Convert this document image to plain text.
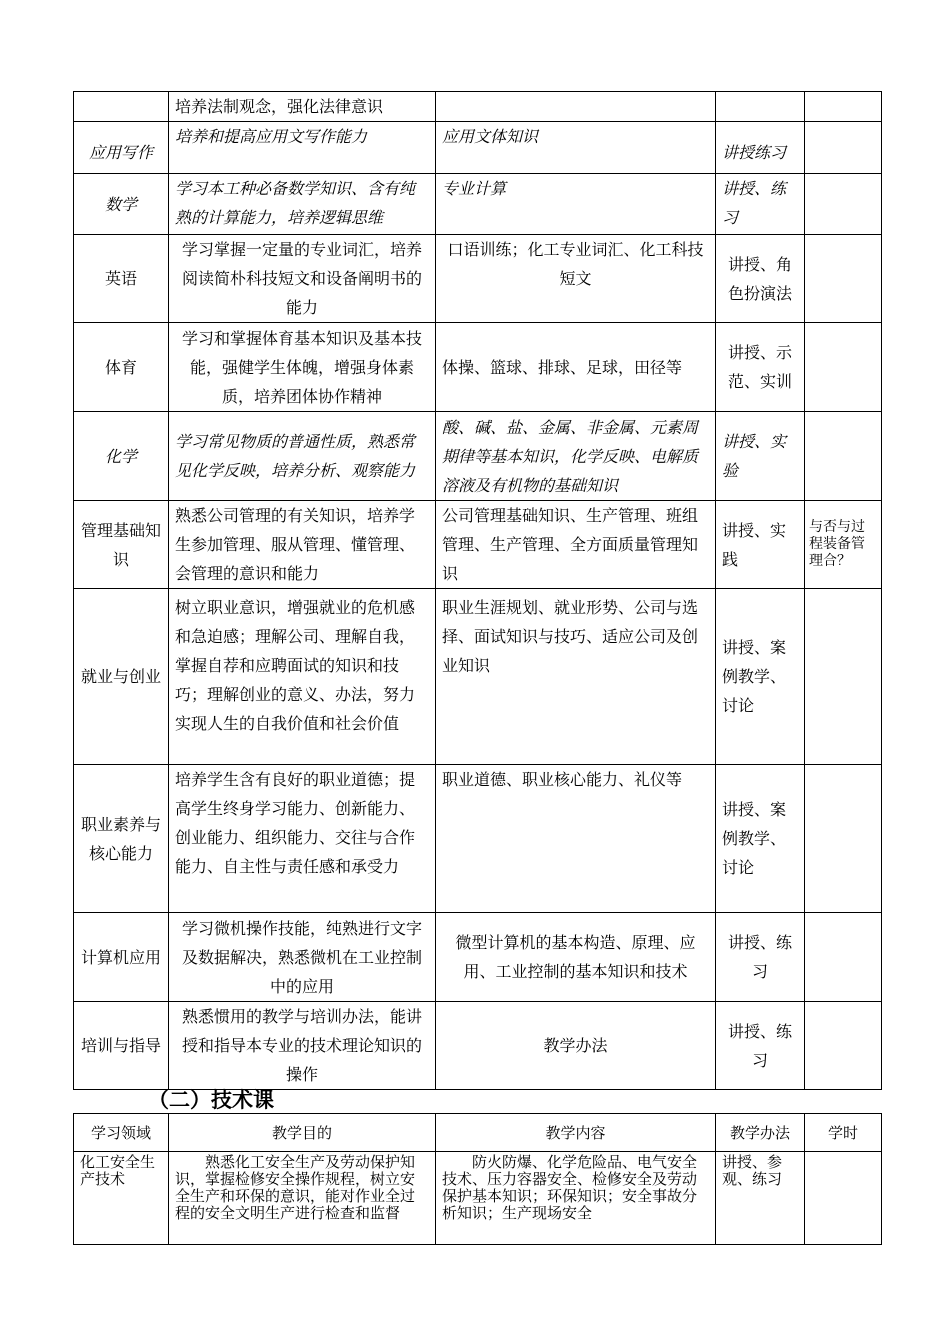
	培养法制观念，强化法律意识			
应用写作	培养和提高应用文写作能力	应用文体知识	讲授练习	
数学	学习本工种必备数学知识、含有纯熟的计算能力，培养逻辑思维	专业计算	讲授、练习	
英语	学习掌握一定量的专业词汇，培养阅读简朴科技短文和设备阐明书的能力	口语训练；化工专业词汇、化工科技短文	讲授、角色扮演法	
体育	学习和掌握体育基本知识及基本技能，强健学生体魄，增强身体素质，培养团体协作精神	体操、篮球、排球、足球，田径等	讲授、示范、实训	
化学	学习常见物质的普通性质，熟悉常见化学反映，培养分析、观察能力	酸、碱、盐、金属、非金属、元素周期律等基本知识，化学反映、电解质溶液及有机物的基础知识	讲授、实验	
管理基础知识	熟悉公司管理的有关知识，培养学生参加管理、服从管理、懂管理、会管理的意识和能力	公司管理基础知识、生产管理、班组管理、生产管理、全方面质量管理知识	讲授、实践	与否与过程装备管理合？
就业与创业	树立职业意识，增强就业的危机感和急迫感；理解公司、理解自我，掌握自荐和应聘面试的知识和技巧；理解创业的意义、办法，努力实现人生的自我价值和社会价值	职业生涯规划、就业形势、公司与选择、面试知识与技巧、适应公司及创业知识	讲授、案例教学、讨论	
职业素养与核心能力	培养学生含有良好的职业道德；提高学生终身学习能力、创新能力、创业能力、组织能力、交往与合作能力、自主性与责任感和承受力	职业道德、职业核心能力、礼仪等	讲授、案例教学、讨论	
计算机应用	学习微机操作技能，纯熟进行文字及数据解决，熟悉微机在工业控制中的应用	微型计算机的基本构造、原理、应用、工业控制的基本知识和技术	讲授、练习	
培训与指导	熟悉惯用的教学与培训办法，能讲授和指导本专业的技术理论知识的操作	教学办法	讲授、练习	
（二）技术课
学习领域	教学目的	教学内容	教学办法	学时
化工安全生产技术	熟悉化工安全生产及劳动保护知识，掌握检修安全操作规程，树立安全生产和环保的意识，能对作业全过程的安全文明生产进行检查和监督	防火防爆、化学危险品、电气安全技术、压力容器安全、检修安全及劳动保护基本知识；环保知识；安全事故分析知识；生产现场安全	讲授、参观、练习	
